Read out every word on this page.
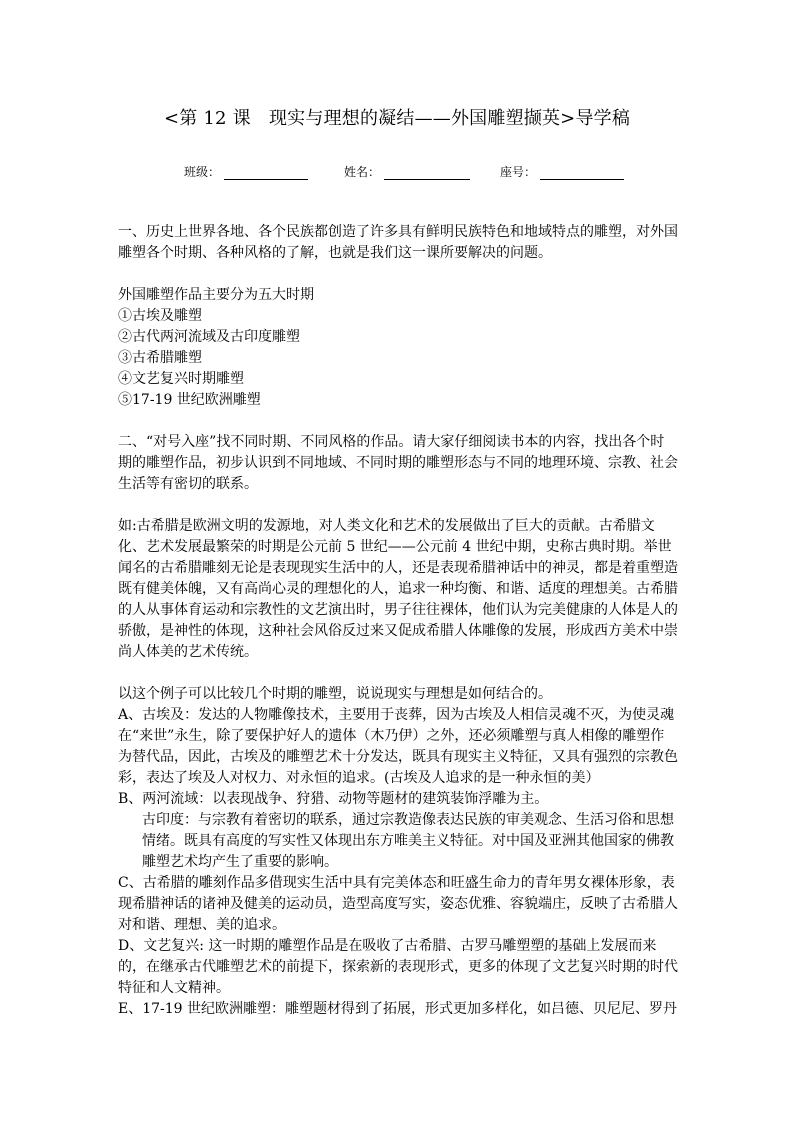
<第 12 课　现实与理想的凝结——外国雕塑撷英>导学稿
班级：	姓名：	座号：

一、历史上世界各地、各个民族都创造了许多具有鲜明民族特色和地域特点的雕塑，对外国雕塑各个时期、各种风格的了解，也就是我们这一课所要解决的问题。

外国雕塑作品主要分为五大时期

①古埃及雕塑

②古代两河流域及古印度雕塑

③古希腊雕塑

④文艺复兴时期雕塑

⑤17-19 世纪欧洲雕塑

二、“对号入座”找不同时期、不同风格的作品。请大家仔细阅读书本的内容，找出各个时期的雕塑作品，初步认识到不同地域、不同时期的雕塑形态与不同的地理环境、宗教、社会生活等有密切的联系。

如:古希腊是欧洲文明的发源地，对人类文化和艺术的发展做出了巨大的贡献。古希腊文化、艺术发展最繁荣的时期是公元前 5 世纪——公元前 4 世纪中期，史称古典时期。举世闻名的古希腊雕刻无论是表现现实生活中的人，还是表现希腊神话中的神灵，都是着重塑造既有健美体魄，又有高尚心灵的理想化的人，追求一种均衡、和谐、适度的理想美。古希腊的人从事体育运动和宗教性的文艺演出时，男子往往裸体，他们认为完美健康的人体是人的骄傲，是神性的体现，这种社会风俗反过来又促成希腊人体雕像的发展，形成西方美术中崇尚人体美的艺术传统。

以这个例子可以比较几个时期的雕塑，说说现实与理想是如何结合的。

A、古埃及：发达的人物雕像技术，主要用于丧葬，因为古埃及人相信灵魂不灭，为使灵魂在“来世”永生，除了要保护好人的遗体（木乃伊）之外，还必须雕塑与真人相像的雕塑作为替代品，因此，古埃及的雕塑艺术十分发达，既具有现实主义特征，又具有强烈的宗教色彩，表达了埃及人对权力、对永恒的追求。(古埃及人追求的是一种永恒的美）

B、两河流域：以表现战争、狩猎、动物等题材的建筑装饰浮雕为主。

古印度：与宗教有着密切的联系，通过宗教造像表达民族的审美观念、生活习俗和思想情绪。既具有高度的写实性又体现出东方唯美主义特征。对中国及亚洲其他国家的佛教雕塑艺术均产生了重要的影响。

C、古希腊的雕刻作品多借现实生活中具有完美体态和旺盛生命力的青年男女裸体形象，表现希腊神话的诸神及健美的运动员，造型高度写实，姿态优雅、容貌端庄，反映了古希腊人对和谐、理想、美的追求。

D、文艺复兴: 这一时期的雕塑作品是在吸收了古希腊、古罗马雕塑塑的基础上发展而来的，在继承古代雕塑艺术的前提下，探索新的表现形式，更多的体现了文艺复兴时期的时代特征和人文精神。

E、17-19 世纪欧洲雕塑：雕塑题材得到了拓展，形式更加多样化，如吕德、贝尼尼、罗丹
